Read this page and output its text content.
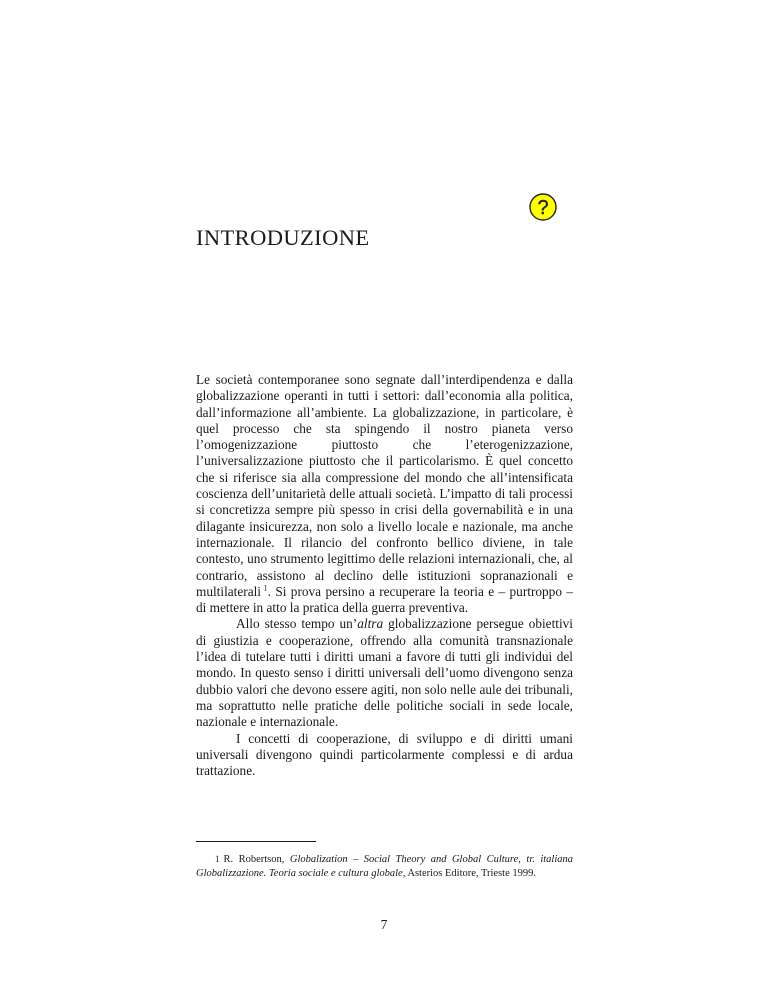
?
INTRODUZIONE

Le società contemporanee sono segnate dall’interdipendenza e dalla globalizzazione operanti in tutti i settori: dall’economia alla politica, dall’informazione all’ambiente. La globalizzazione, in particolare, è quel processo che sta spingendo il nostro pianeta verso l’omogenizzazione piuttosto che l’eterogenizzazione, l’universalizzazione piuttosto che il particolarismo. È quel concetto che si riferisce sia alla compressione del mondo che all’intensificata coscienza dell’unitarietà delle attuali società. L’impatto di tali processi si concretizza sempre più spesso in crisi della governabilità e in una dilagante insicurezza, non solo a livello locale e nazionale, ma anche internazionale. Il rilancio del confronto bellico diviene, in tale contesto, uno strumento legittimo delle relazioni internazionali, che, al contrario, assistono al declino delle istituzioni sopranazionali e multilaterali  $^1$. Si prova persino a recuperare la teoria e – purtroppo – di mettere in atto la pratica della guerra preventiva.

Allo stesso tempo un’altra globalizzazione persegue obiettivi di giustizia e cooperazione, offrendo alla comunità transnazionale l’idea di tutelare tutti i diritti umani a favore di tutti gli individui del mondo. In questo senso i diritti universali dell’uomo divengono senza dubbio valori che devono essere agiti, non solo nelle aule dei tribunali, ma soprattutto nelle pratiche delle politiche sociali in sede locale, nazionale e internazionale.

I concetti di cooperazione, di sviluppo e di diritti umani universali divengono quindi particolarmente complessi e di ardua trattazione.

1 R. Robertson, Globalization – Social Theory and Global Culture, tr. italiana Globalizzazione. Teoria sociale e cultura globale, Asterios Editore, Trieste 1999.

7
